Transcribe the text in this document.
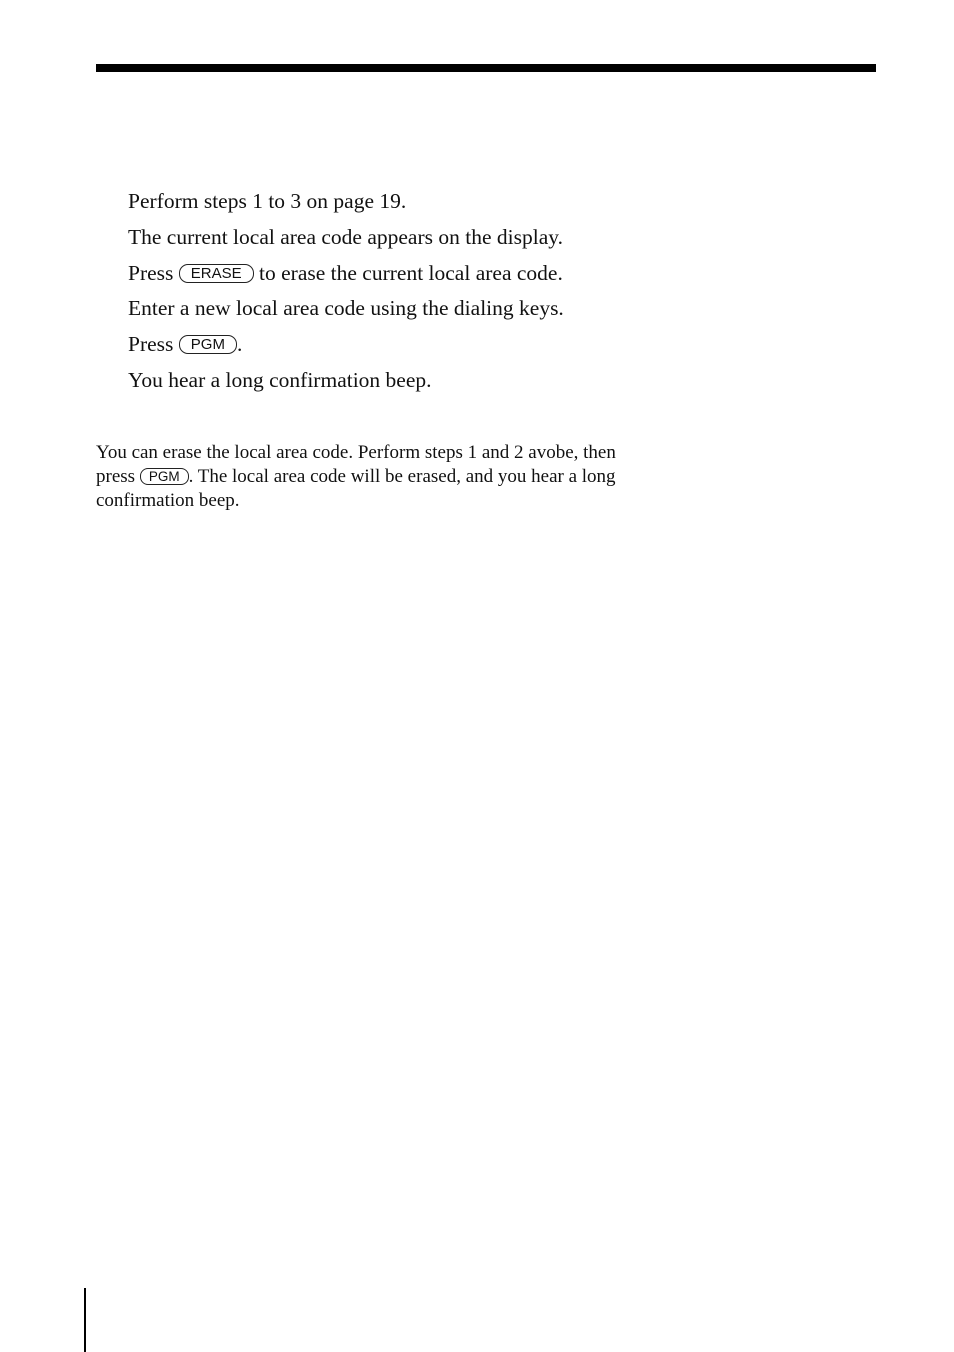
Perform steps 1 to 3 on page 19.
The current local area code appears on the display.
Press ERASE to erase the current local area code.
Enter a new local area code using the dialing keys.
Press PGM .
You hear a long confirmation beep.

You can erase the local area code. Perform steps 1 and 2 avobe, then
press PGM . The local area code will be erased, and you hear a long
confirmation beep.
